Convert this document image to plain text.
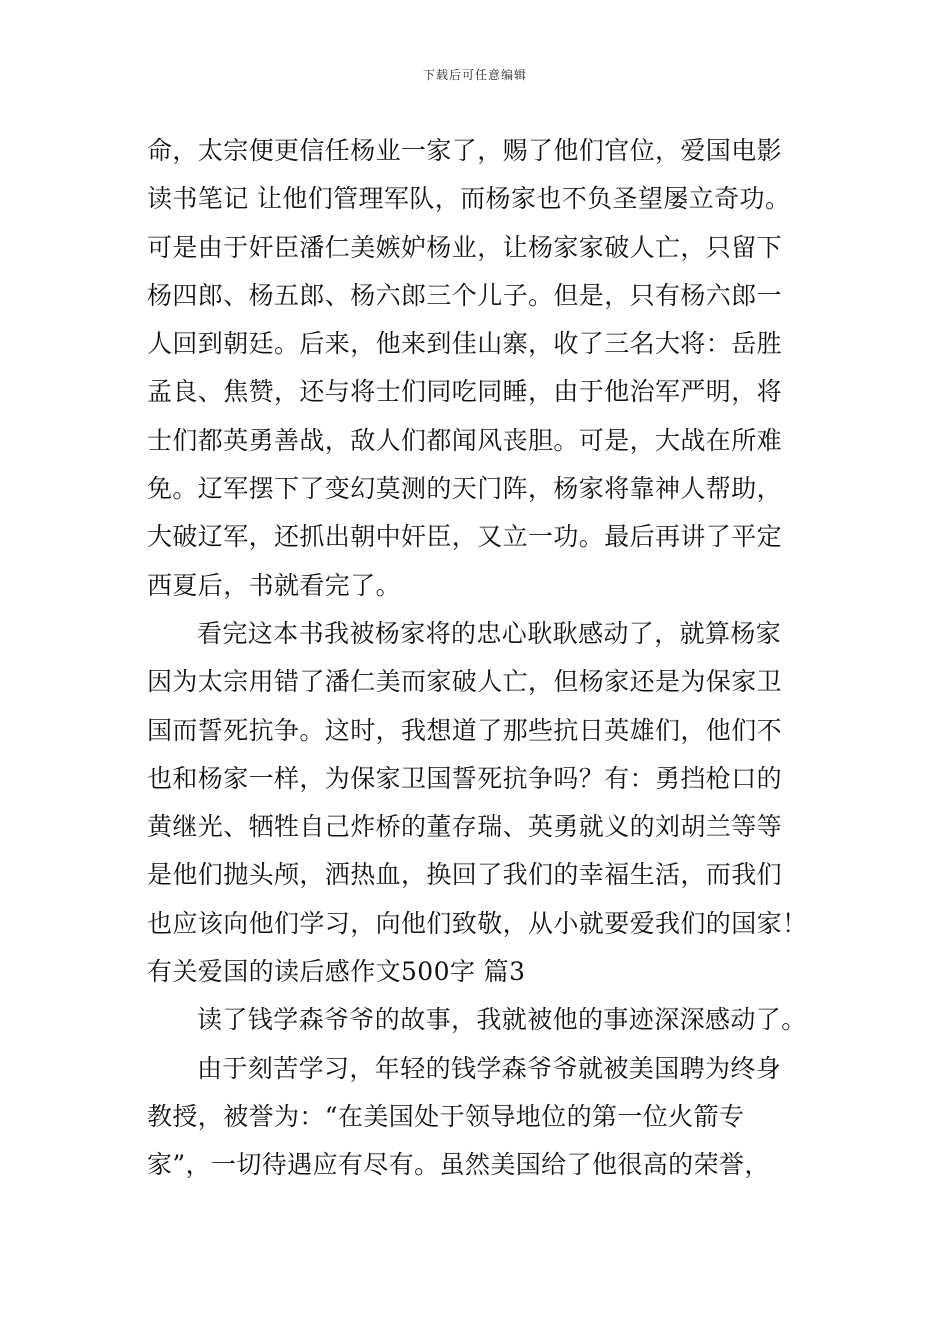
下载后可任意编辑
命，太宗便更信任杨业一家了，赐了他们官位，爱国电影
读书笔记 让他们管理军队，而杨家也不负圣望屡立奇功。
可是由于奸臣潘仁美嫉妒杨业，让杨家家破人亡，只留下
杨四郎、杨五郎、杨六郎三个儿子。但是，只有杨六郎一
人回到朝廷。后来，他来到佳山寨，收了三名大将：岳胜
孟良、焦赞，还与将士们同吃同睡，由于他治军严明，将
士们都英勇善战，敌人们都闻风丧胆。可是，大战在所难
免。辽军摆下了变幻莫测的天门阵，杨家将靠神人帮助，
大破辽军，还抓出朝中奸臣，又立一功。最后再讲了平定
西夏后，书就看完了。
看完这本书我被杨家将的忠心耿耿感动了，就算杨家
因为太宗用错了潘仁美而家破人亡，但杨家还是为保家卫
国而誓死抗争。这时，我想道了那些抗日英雄们，他们不
也和杨家一样，为保家卫国誓死抗争吗？有：勇挡枪口的
黄继光、牺牲自己炸桥的董存瑞、英勇就义的刘胡兰等等
是他们抛头颅，洒热血，换回了我们的幸福生活，而我们
也应该向他们学习，向他们致敬，从小就要爱我们的国家！
有关爱国的读后感作文500字 篇3
读了钱学森爷爷的故事，我就被他的事迹深深感动了。
由于刻苦学习，年轻的钱学森爷爷就被美国聘为终身
教授，被誉为：“在美国处于领导地位的第一位火箭专
家”，一切待遇应有尽有。虽然美国给了他很高的荣誉，
